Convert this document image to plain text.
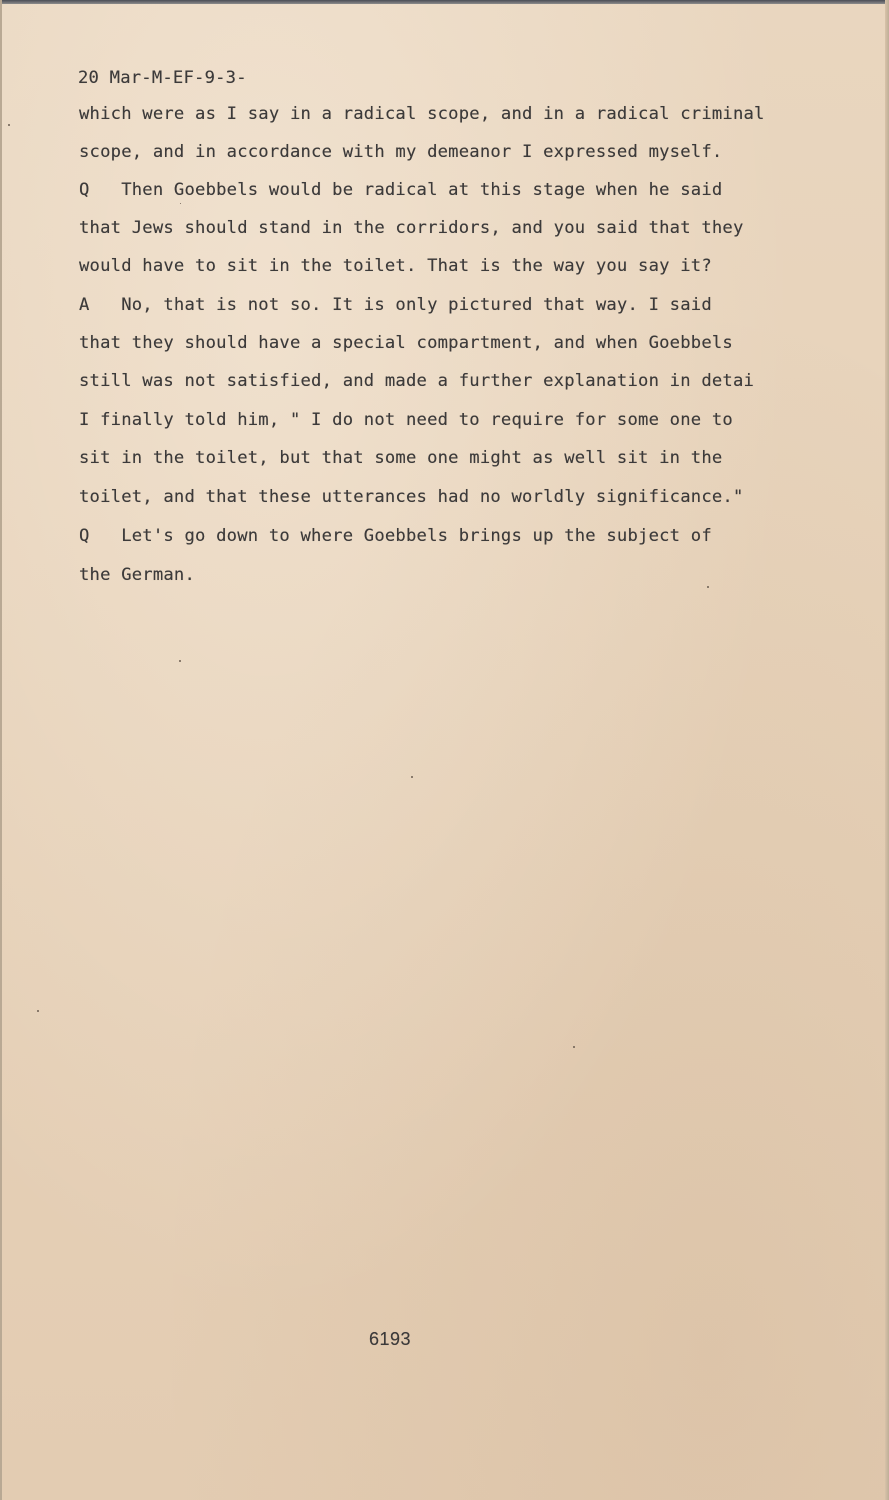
20 Mar-M-EF-9-3-
which were as I say in a radical scope, and in a radical criminal
scope, and in accordance with my demeanor I expressed myself.
Q   Then Goebbels would be radical at this stage when he said
that Jews should stand in the corridors, and you said that they
would have to sit in the toilet. That is the way you say it?
A   No, that is not so. It is only pictured that way. I said
that they should have a special compartment, and when Goebbels
still was not satisfied, and made a further explanation in detai
I finally told him, " I do not need to require for some one to
sit in the toilet, but that some one might as well sit in the
toilet, and that these utterances had no worldly significance."
Q   Let's go down to where Goebbels brings up the subject of
the German.
6193
